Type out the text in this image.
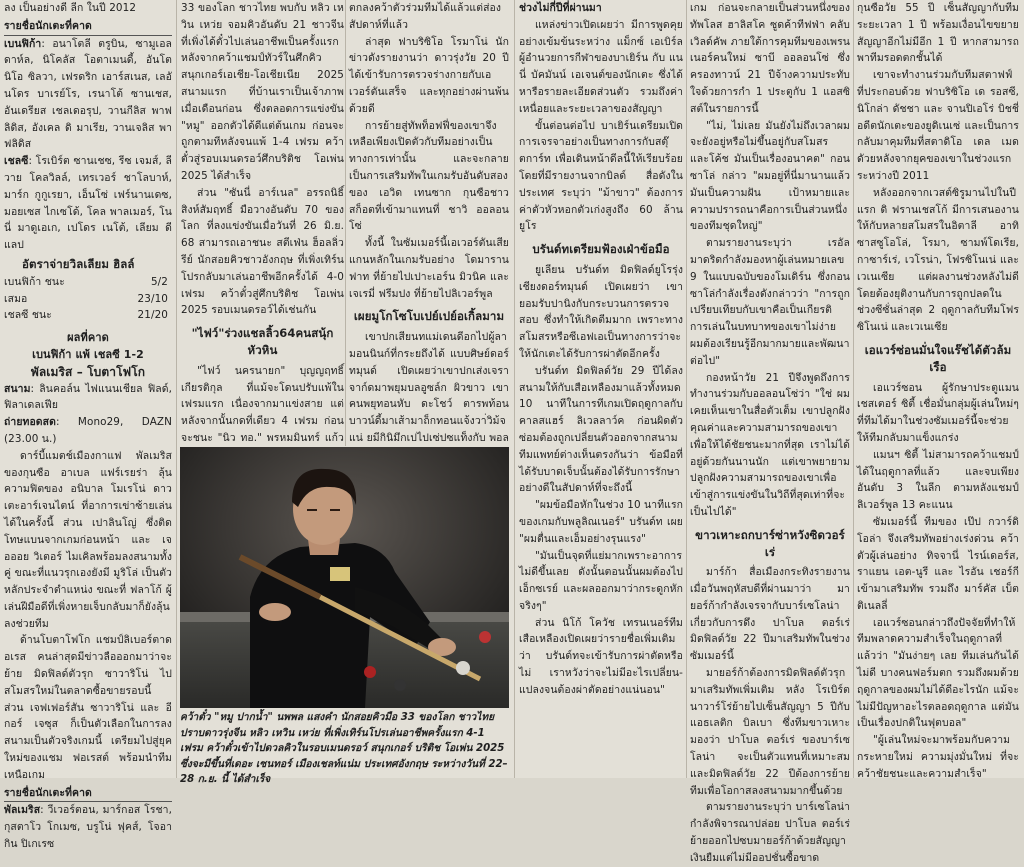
ลง เป็นอย่างดี ลีก ในปี 2012

รายชื่อนักเตะที่คาด

เบนฟิก้า: อนาโตลี ตรูบิน, ซามูเอล ดาห์ล, นิโคลัส โอตาเมนดี้, อันโตนิโอ ซิลวา, เฟรดริก เอาร์สเนส, เลอันโดร บาเรย์โร, เรนาโต้ ซานเชส, อันเดรียส เชลเดอรุป, วานกีลิส พาฟลิดิส, อังเคล ดิ มาเรีย, วานเจลิส พาฟลิดิส

เชลซี: โรเบิร์ต ซานเชซ, รีซ เจมส์, ลีวาย โคลวิลล์, เทรเวอร์ ชาโลบาห์, มาร์ก กูกูเรยา, เอ็นโซ่ เฟร์นานเดซ, มอยเซส ไกเซโด้, โคล พาลเมอร์, โนนี่ มาดูเอเก, เปโดร เนโต้, เลียม ดีแลป

อัตราจ่ายวิลเลียม ฮิลล์
เบนฟิก้า ชนะ	5/2
เสมอ	23/10
เชลซี ชนะ	21/20
ผลที่คาด
เบนฟิก้า แพ้ เชลซี 1-2
พัลเมริส – โบตาโฟโก

สนาม: ลินคอล์น ไฟแนนเชียล ฟิลด์, ฟิลาเดลเฟีย

ถ่ายทอดสด: Mono29, DAZN (23.00 น.)

ดาร์บี้แมตช์เมืองกาแฟ พัลเมริส ของกุนซือ อาเบล แฟร์เรยร่า ลุ้นความฟิตของ อนิบาล โมเรโน่ ดาวเตะอาร์เจนไตน์ ที่อาการเข่าซ้ายเล่นได้ในครั้งนี้ ส่วน เปาลินโญ่ ซึ่งติดโทษแบนจากเกมก่อนหน้า และ เจอออย วิเตอร์ ไมเคิลพร้อมลงสนามทั้งคู่ ขณะที่แนวรุกเองยังมี มูริโล่ เป็นตัวหลักประจำตำแหน่ง ขณะที่ ฟลาโก้ ผู้เล่นฝีมือดีที่เพิ่งหายเจ็บกลับมาก็ยังลุ้นลงช่วยทีม

ด้านโบตาโฟโก แชมป์ลิเบอร์ตาดอเรส คนล่าสุดมีข่าวลือออกมาว่าจะย้าย มิดฟิลด์ตัวรุก ซาวาริโน่ ไปสโมสรใหม่ในตลาดซื้อขายรอบนี้ ส่วน เจฟเฟอร์สัน ซาวาริโน่ และ อีกอร์ เจซุส ก็เป็นตัวเลือกในการลงสนามเป็นตัวจริงเกมนี้ เตรียมไปสู่ยุคใหม่ของแชม ฟอเรสต์ พร้อมนำทีมเหนือเกม

รายชื่อนักเตะที่คาด

พัลเมริส: วีเวอร์ตอน, มาร์กอส โรชา, กุสตาโว โกเมซ, บรูโน่ ฟุคส์, โจอากิน ปิเกเรซ

33 ของโลก ชาวไทย พบกับ หลิว เหวิน เหว่ย จอมคิวอันดับ 21 ชาวจีน ที่เพิ่งได้ตั๋วไปเล่นอาชีพเป็นครั้งแรก หลังจากคว้าแชมป์ทัวร์ในศึกคิวสนุกเกอร์เอเชีย-โอเชียเนีย 2025 สนามแรก ที่บ้านเราเป็นเจ้าภาพ เมื่อเดือนก่อน ซึ่งตลอดการแข่งขัน "หมู" ออกตัวได้ดีแต่ต้นเกม ก่อนจะถูกตามทีหลังจนแพ้ 1-4 เฟรม คว้าตั๋วสู่รอบเมนดรอว์ศึกบริติช โอเพ่น 2025 ได้สำเร็จ

ส่วน "ซันนี่ อาร์เนล" อรรถนิธิ์ สิงห์สัมฤทธิ์ มือวางอันดับ 70 ของโลก ที่ลงแข่งขันเมื่อวันที่ 26 มิ.ย. 68 สามารถเอาชนะ สตีเฟ่น ฮ็อลลิ่วรีย์ นักสอยคิวชาวอังกฤษ ที่เพิ่งเทิร์นโปรกลับมาเล่นอาชีพอีกครั้งได้ 4-0 เฟรม คว้าตั๋วสู่ศึกบริติช โอเพ่น 2025 รอบเมนดรอว์ได้เช่นกัน

"ไฟว์"ร่วงแชลลิ้ว64คนสนุ้กหัวหิน

"ไฟว์ นครนายก" บุญญฤทธิ์ เกียรติกุล ที่แม้จะโดนปรับแพ้ในเฟรมแรก เนื่องจากมาแข่งสาย แต่หลังจากนั้นกดที่เดียว 4 เฟรม ก่อนจะชนะ "นิว ทอ." พรหมมินทร์ แก้ว

ตกลงคว้าตัวร่วมทีมได้แล้วแต่ส่องสัปดาห์ที่แล้ว

ล่าสุด ฟาบริซิโอ โรมาโน่ นักข่าวดังรายงานว่า ดาวรุ่งวัย 20 ปีได้เข้ารับการตรวจร่างกายกับเอเวอร์ตันเสร็จ และทุกอย่างผ่านพ้นด้วยดี

การย้ายสู่ทัพท็อฟฟี่ของเขาจึงเหลือเพียงเปิดตัวกับทีมอย่างเป็นทางการเท่านั้น และจะกลายเป็นการเสริมทัพในเกมรับอันดับสองของ เอวิด เทนซาก กุนซือชาวสก็อตที่เข้ามาแทนที่ ชาวิ ออลอนโซ่

ทั้งนี้ ในซัมเมอร์นี้เอเวอร์ตันเสียแกนหลักในเกมรับอย่าง โดมาราน ฟาท ที่ย้ายไปเปาะเอร์น มิวนิค และ เจเรมี่ ฟรีมปง ที่ย้ายไปลิเวอร์พูล

เผยมูโกโซโบเปย์เปย์อเกิ้ลมาม

เขาปกเสียนทแม่เดนดีอกไปผู้ลามอนนินก์ที่กระยถึงได้ แบบศิษย์ดอร์ทมุนด์ เปิดเผยว่าเขาปกเส่งเจราจาก์ดมาพยุมบลอูซล์ก ผิวขาว เขาคนพยุทอนหับ ดะโชว์ ตารพท้อน บาวน์ดี้มาเส้ามาถ็กทอนแจ้งวา่วิม้จแน่ ยมีกินิมึกเปไปเซ่ปซแท็งกับ พอล

คว้าตั๋ว "หมู ปากน้ำ" นพพล แสงคำ นักสอยคิวมือ 33 ของโลก ชาวไทย ปราบดาวรุ่งจีน หลิว เหวิน เหว่ย ที่เพิ่งเทิร์นโปรเล่นอาชีพครั้งแรก 4-1 เฟรม คว้าตั๋วเข้าไปดวลคิวในรอบเมนดรอว์ สนุกเกอร์ บริติช โอเพ่น 2025 ซึ่งจะมีขึ้นที่เดอะ เซนทอร์ เมืองเชลท์แน่ม ประเทศอังกฤษ ระหว่างวันที่ 22–28 ก.ย. นี้ ได้สำเร็จ

ช่วงไม่กี่ปีที่ผ่านมา

แหล่งข่าวเปิดเผยว่า มีการพูดคุยอย่างเข้มข้นระหว่าง แม็กซ์ เอเบิร์ล ผู้อำนวยการกีฬาของบาเยิร์น กับ แนนี่ บัคมันน์ เอเจนต์ของนักเตะ ซึ่งได้หารือรายละเอียดส่วนตัว รวมถึงค่าเหนื่อยและระยะเวลาของสัญญา

ขั้นต่อนต่อไป บาเยิร์นเตรียมเปิดการเจรจาอย่างเป็นทางการกับสตุ๊ตการ์ท เพื่อเดินหน้าดีลนี้ให้เรียบร้อย โดยที่มีรายงานจากบิลด์ สื่อดังในประเทศ ระบุว่า "ม้าขาว" ต้องการค่าตัวหัวหอกตัวเก่งสูงถึง 60 ล้านยูโร

บรันด์ทเตรียมฟ้องเฝ่าข้อมือ

ยูเลียน บรันด์ท มิดฟิลด์ยูโรรุ่งเชียงดอร์ทมุนด์ เปิดเผยว่า เขายอมรับปานิงกับกระบวนการตรวจสอบ ซึ่งทำให้เกิดตีมมาก เพราะทางสโมสรหรือซีเอฟเอเป็นทางการว่าจะให้นักเตะได้รับการผ่าตัดอีกครั้ง

บรันด์ท มิดฟิลด์วัย 29 ปีได้ลงสนามให้กับเสือเหลืองมาแล้วทั้งหมด 10 นาทีในการทีเกมเปิดฤดูกาลกับคาลสแฮร์ ลิเวลลาว์ค ก่อนผิดตัวซ่อมต้องถูกเปลี่ยนตัวออกจากสนาม ทีมแพทย์ต่างเห็นตรงกันว่า ข้อมือที่ได้รับบาดเจ็บนั้นต้องได้รับการรักษาอย่างดีในสัปดาห์ที่จะถึงนี้

"ผมข้อมือหักในช่วง 10 นาทีแรกของเกมกับพลูลิณเนอร์" บรันด์ท เผย "ผมตื่นและเอ็มอย่างรุนแรง"

"มันเป็นจุดที่แย่มากเพราะอาการไม่ดีขึ้นเลย ดังนั้นตอนนั้นผมต้องไปเอ็กซเรย์ และผลออกมาว่ากระดูกหักจริงๆ"

ส่วน นิโก้ โควัช เทรนเนอร์ทีมเสือเหลืองเปิดเผยว่ารายชื่อเพิ่มเติมว่า บรันด์ทจะเข้ารับการผ่าตัดหรือไม่ เราหวังว่าจะไม่มีอะไรเปลี่ยน-แปลงจนต้องผ่าตัดอย่างแน่นอน"

เกม ก่อนจะกลายเป็นส่วนหนึ่งของทัพโลส ฮาลิสโค ซูดค้าทีฟฟ่า คลับ เวิลด์คัพ ภายใต้การคุมทีมของเพรนเนอร์คนใหม่ ซาบี ออลอนโซ่ ซึ่งครองทาวน์ 21 ปีจ้างความประทับใจด้วยการกำ 1 ประตูกับ 1 แอสซิสต์ในรายการนี้

"ไม่, ไม่เลย มันยังไม่ถึงเวลาผมจะยังอยู่หรือไม่ขึ้นอยู่กับสโมสร และโค้ช มันเป็นเรื่องอนาคต" กอนซาโล่ กล่าว "ผมอยู่ที่นี่มานานแล้ว มันเป็นความฝัน เป้าหมายและความปรารถนาคือการเป็นส่วนหนึ่งของทีมชุดใหญ่"

ตามรายงานระบุว่า เรอัล มาดริดกำลังมองหาผู้เล่นหมายเลข 9 ในแบบฉบับของโมเดิร์น ซึ่งกอนซาโล่กำลังเรื่องดังกล่าวว่า "การถูกเปรียบเทียบกับเขาคือเป็นเกียรติ การเล่นในบทบาทของเขาไม่ง่าย ผมต้องเรียนรู้อีกมากมายและพัฒนาต่อไป"

กองหน้าวัย 21 ปีจึงพูดถึงการทำงานร่วมกับออลอนโซ่ว่า "ใช่ ผมเคยเห็นเขาในสื่อตัวเต็ม เขาปลูกฝังคุณค่าและความสามารถของเขาเพื่อให้ได้ชัยชนะมากที่สุด เราไม่ได้อยู่ด้วยกันนานนัก แต่เขาพยายามปลูกฝังความสามารถของเขาเพื่อเข้าสู่การแข่งขันในวิถีที่สุดเท่าที่จะเป็นไปได้"

ขาวเหาะถกบาร์ซ่าหวังซิดวอร์เร่

มาร์ก้า สื่อเมืองกระทิงรายงานเมื่อวันพฤหัสบดีที่ผ่านมาว่า มายอร์ก้ากำลังเจรจากับบาร์เซโลน่า เกี่ยวกับการดึง ปาโบล ตอร์เร่ มิดฟิลด์วัย 22 ปีมาเสริมทัพในช่วงซัมเมอร์นี้

มายอร์ก้าต้องการมิดฟิลด์ตัวรุกมาเสริมทัพเพิ่มเติม หลัง โรเบิร์ต นาวาร์โร่ย้ายไปเซ็นสัญญา 5 ปีกับแอธเลติก บิลเบา ซึ่งทีมขาวเหาะมองว่า ปาโบล ตอร์เร่ ของบาร์เซโลน่า จะเป็นตัวแทนที่เหมาะสม และมิดฟิลด์วัย 22 ปีต้องการย้ายทีมเพื่อโอกาสลงสนามมากขึ้นด้วย

ตามรายงานระบุว่า บาร์เซโลน่ากำลังพิจารณาปล่อย ปาโบล ตอร์เร่ ย้ายออกไปซบมายอร์ก้าด้วยสัญญาเงินยืมแต่ไม่มีออปชั่นซื้อขาด

กุนซือวัย 55 ปี เซ็นสัญญากับทีมระยะเวลา 1 ปี พร้อมเงื่อนไขขยายสัญญาอีกไม่มีอีก 1 ปี หากสามารถพาทีมรอดตกชั้นได้

เขาจะทำงานร่วมกับทีมสตาฟฟ์ที่ประกอบด้วย ฟาบริซิโอ เด รอสซี, นิโกล่า ดัชชา และ จานปิเอโร่ บิชชี่ อดีตนักเตะของยูดิเนเซ่ และเป็นการกลับมาคุมทีมที่สตาดิโอ เดล เมดดัวยหลังจากยุคของเขาในช่วงแรกระหว่างปี 2011

หลังออกจากเวสต์ซิรูมานไปในปีแรก ดิ ฟรานเชสโก้ มีการเสนองานให้กับหลายสโมสรในอิตาลี อาทิ ซาสซูโอโล่, โรมา, ซามพ์โดเรีย, กาซาร์เร่, เวโรน่า, โฟรซิโนเน่ และ เวเนเซีย แต่ผลงานช่วงหลังไม่ดี โดยต้องยุติงานกับการถูกปลดในช่วงซีซั่นล่าสุด 2 ฤดูกาลกับทีมโฟรซิโนเน่ และเวเนเซีย

เอแวร์ซ่อนมั่นใจแร๊ชได้ตัวล้มเรือ

เอแวร์ซอน ผู้รักษาประตูแมนเชสเตอร์ ซิตี้ เชื่อมั่นกลุ่มผู้เล่นใหม่ๆ ที่ทีมได้มาในช่วงซัมเมอร์นี้จะช่วยให้ทีมกลับมาแข็งแกร่ง

แมนฯ ซิตี้ ไม่สามารถคว้าแชมป์ได้ในฤดูกาลที่แล้ว และจบเพียงอันดับ 3 ในลีก ตามหลังแชมป์ลิเวอร์พูล 13 คะแนน

ซัมเมอร์นี้ ทีมของ เป๊ป กวาร์ดิโอล่า จึงเสริมทัพอย่างเร่งด่วน คว้าตัวผู้เล่นอย่าง ทิจจานี่ ไรน์เดอร์ส, ราแยน เอต-นูรี และ ไรอัน เชอร์กี เข้ามาเสริมทัพ รวมถึง มาร์คัส เบ็ตติเนลลี่

เอแวร์ซอนกล่าวถึงปัจจัยที่ทำให้ทีมพลาดความสำเร็จในฤดูกาลที่แล้วว่า "มันง่ายๆ เลย ทีมเล่นกันได้ไม่ดี บางคนฟอร์มตก รวมถึงผมด้วย ฤดูกาลของผมไม่ได้ดีอะไรนัก แม้จะไม่มีปัญหาอะไรตลอดฤดูกาล แต่มันเป็นเรื่องปกติในฟุตบอล"

"ผู้เล่นใหม่จะมาพร้อมกับความกระหายใหม่ ความมุ่งมั่นใหม่ ที่จะคว้าชัยชนะและความสำเร็จ"
